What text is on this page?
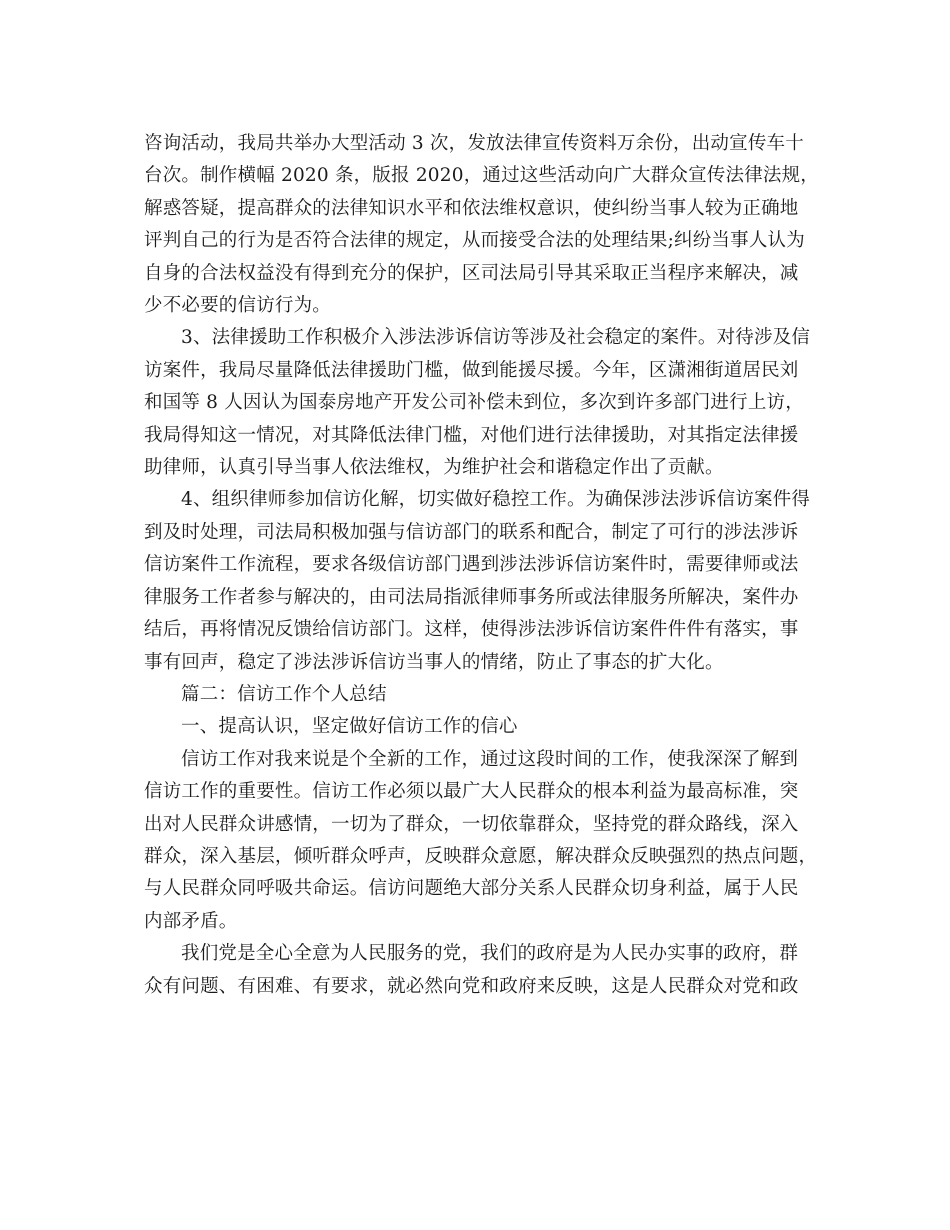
咨询活动，我局共举办大型活动 3 次，发放法律宣传资料万余份，出动宣传车十

台次。制作横幅 2020 条，版报 2020，通过这些活动向广大群众宣传法律法规，

解惑答疑，提高群众的法律知识水平和依法维权意识，使纠纷当事人较为正确地

评判自己的行为是否符合法律的规定，从而接受合法的处理结果;纠纷当事人认为

自身的合法权益没有得到充分的保护，区司法局引导其采取正当程序来解决，减

少不必要的信访行为。

3、法律援助工作积极介入涉法涉诉信访等涉及社会稳定的案件。对待涉及信

访案件，我局尽量降低法律援助门槛，做到能援尽援。今年，区潇湘街道居民刘

和国等 8 人因认为国泰房地产开发公司补偿未到位，多次到许多部门进行上访，

我局得知这一情况，对其降低法律门槛，对他们进行法律援助，对其指定法律援

助律师，认真引导当事人依法维权，为维护社会和谐稳定作出了贡献。

4、组织律师参加信访化解，切实做好稳控工作。为确保涉法涉诉信访案件得

到及时处理，司法局积极加强与信访部门的联系和配合，制定了可行的涉法涉诉

信访案件工作流程，要求各级信访部门遇到涉法涉诉信访案件时，需要律师或法

律服务工作者参与解决的，由司法局指派律师事务所或法律服务所解决，案件办

结后，再将情况反馈给信访部门。这样，使得涉法涉诉信访案件件件有落实，事

事有回声，稳定了涉法涉诉信访当事人的情绪，防止了事态的扩大化。

篇二：信访工作个人总结

一、提高认识，坚定做好信访工作的信心

信访工作对我来说是个全新的工作，通过这段时间的工作，使我深深了解到

信访工作的重要性。信访工作必须以最广大人民群众的根本利益为最高标准，突

出对人民群众讲感情，一切为了群众，一切依靠群众，坚持党的群众路线，深入

群众，深入基层，倾听群众呼声，反映群众意愿，解决群众反映强烈的热点问题，

与人民群众同呼吸共命运。信访问题绝大部分关系人民群众切身利益，属于人民

内部矛盾。

我们党是全心全意为人民服务的党，我们的政府是为人民办实事的政府，群

众有问题、有困难、有要求，就必然向党和政府来反映，这是人民群众对党和政
